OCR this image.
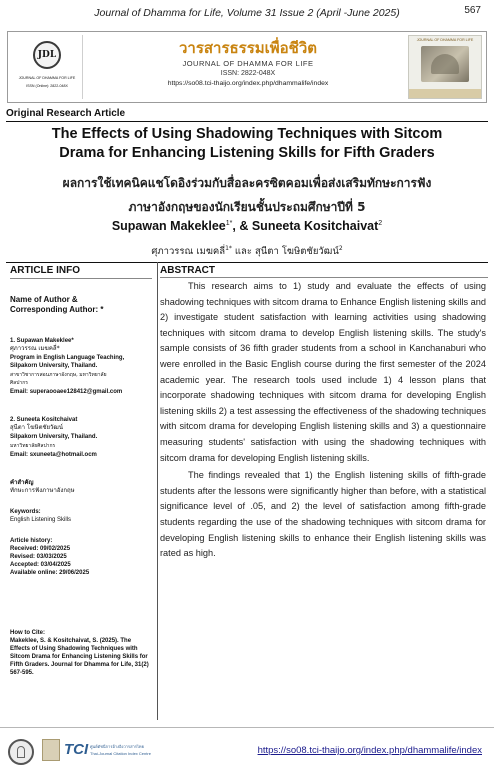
Journal of Dhamma for Life, Volume 31 Issue 2 (April -June 2025)	567
JDL
JOURNAL OF DHAMMA FOR LIFE
ISSN (Online): 2822-048X
วารสารธรรมเพื่อชีวิต
JOURNAL OF DHAMMA FOR LIFE
ISSN: 2822-048X
https://so08.tci-thaijo.org/index.php/dhammalife/index
JOURNAL OF DHAMMA FOR LIFE
Original Research Article
The Effects of Using Shadowing Techniques with Sitcom
Drama for Enhancing Listening Skills for Fifth Graders
ผลการใช้เทคนิคแชโดอิงร่วมกับสื่อละครซิตคอมเพื่อส่งเสริมทักษะการฟัง
ภาษาอังกฤษของนักเรียนชั้นประถมศึกษาปีที่ 5
Supawan Makeklee$^{1*}$, & Suneeta Kositchaivat$^2$
ศุภาวรรณ เมฆคลี่$^{1*}$ และ สุนีตา โฆษิตชัยวัฒน์$^2$
ARTICLE INFO
Name of Author &
Corresponding Author: *
1. Supawan Makeklee*
ศุภาวรรณ เมฆคลี่*
Program in English Language Teaching,
Silpakorn University, Thailand.
สาขาวิชาการสอนภาษาอังกฤษ, มหาวิทยาลัย
ศิลปากร
Email: superaooaee128412@gmail.com
2. Suneeta Kositchaivat
สุนีตา โฆษิตชัยวัฒน์
Silpakorn University, Thailand.
มหาวิทยาลัยศิลปากร
Email: sxuneeta@hotmail.ocm
คำสำคัญ
ทักษะการฟังภาษาอังกฤษ
Keywords:
English Listening Skills
Article history:
Received: 09/02/2025
Revised: 03/03/2025
Accepted: 03/04/2025
Available online: 29/06/2025
How to Cite:
Makeklee, S. & Kositchaivat, S. (2025). The
Effects of Using Shadowing Techniques with
Sitcom Drama for Enhancing Listening Skills for
Fifth Graders. Journal for Dhamma for Life, 31(2)
567-595.
ABSTRACT

This research aims to 1) study and evaluate the effects of using shadowing techniques with sitcom drama to Enhance English listening skills and 2) investigate student satisfaction with learning activities using shadowing techniques with sitcom drama to develop English listening skills. The study's sample consists of 36 fifth grader students from a school in Kanchanaburi who were enrolled in the Basic English course during the first semester of the 2024 academic year. The research tools used include 1) 4 lesson plans that incorporate shadowing techniques with sitcom drama for developing English listening skills 2) a test assessing the effectiveness of the shadowing techniques with sitcom drama for developing English listening skills and 3) a questionnaire measuring students' satisfaction with using the shadowing techniques with sitcom drama for developing English listening skills.

The findings revealed that 1) the English listening skills of fifth-grade students after the lessons were significantly higher than before, with a statistical significance level of .05, and 2) the level of satisfaction among fifth-grade students regarding the use of the shadowing techniques with sitcom drama for developing English listening skills to enhance their English listening skills was rated as high.

TCI ศูนย์ดัชนีการอ้างอิงวารสารไทย
Thai-Journal Citation Index Centre	https://so08.tci-thaijo.org/index.php/dhammalife/index
